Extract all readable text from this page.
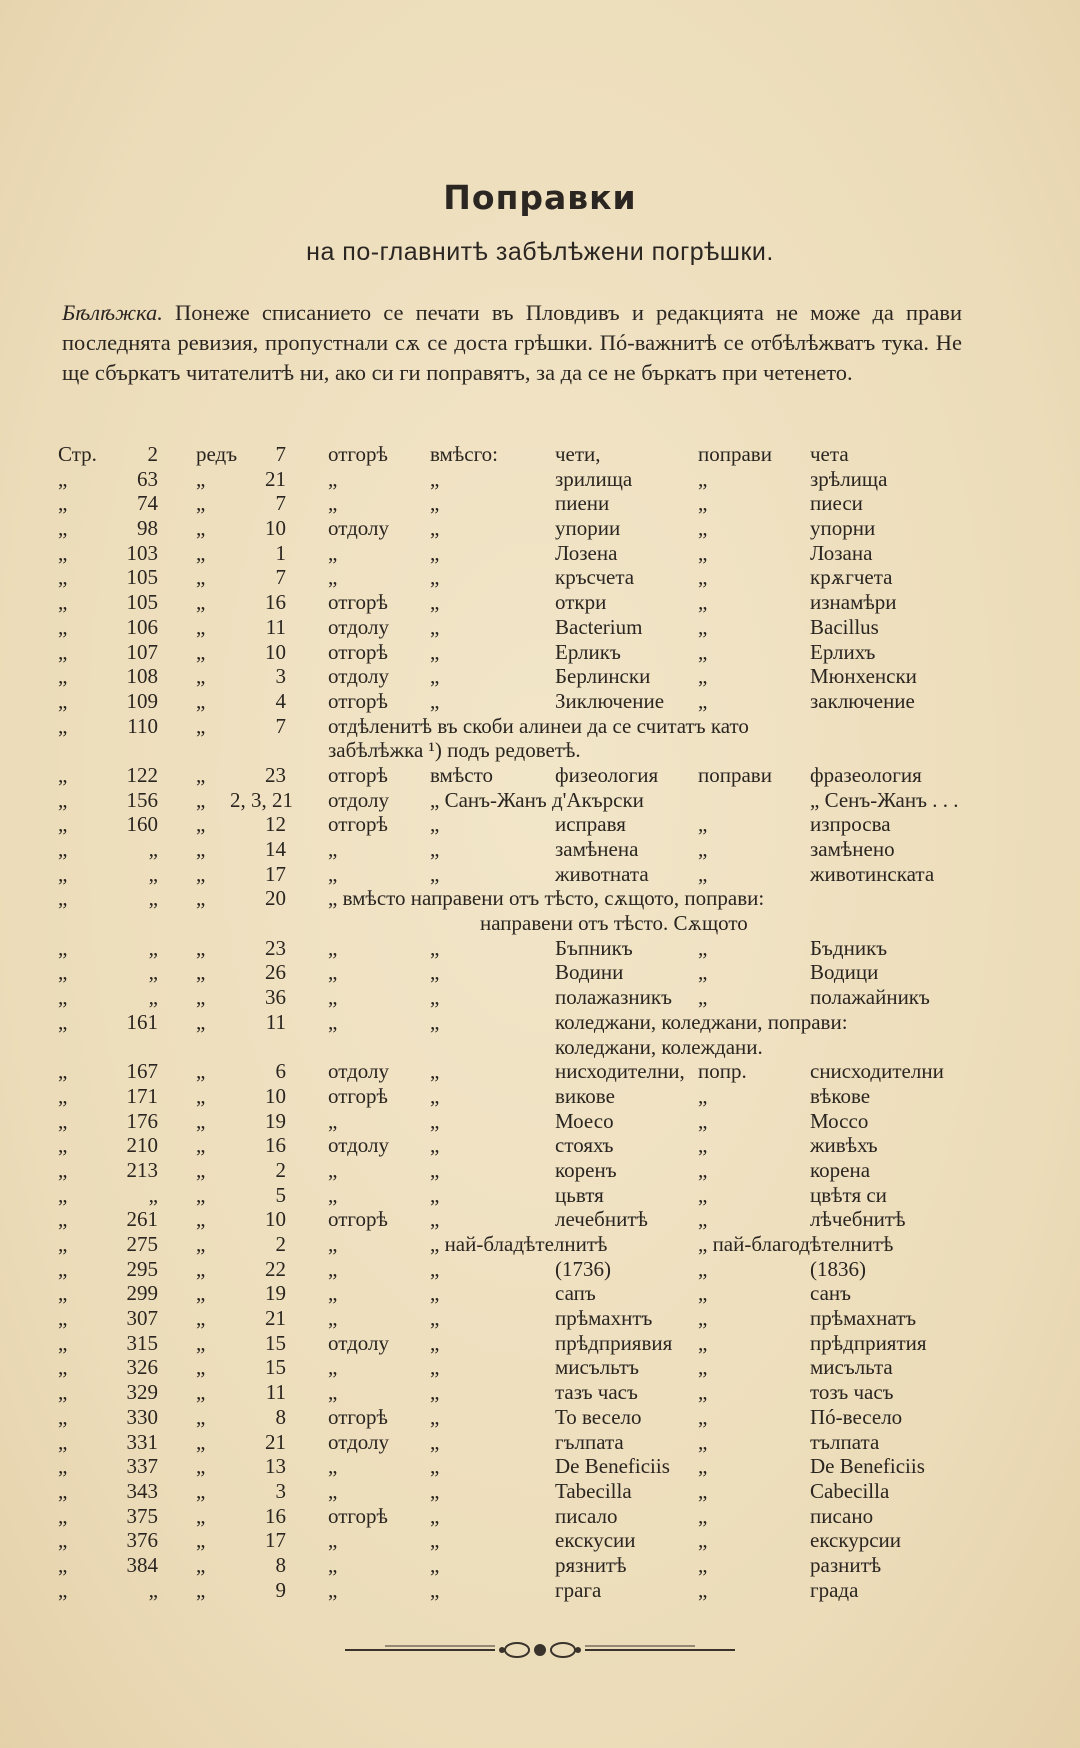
Поправки
на по-главнитѣ забѣлѣжени погрѣшки.
Бѣлѣжка. Понеже списанието се печати въ Пловдивъ и редакцията не може да прави последнята ревизия, пропустнали сѫ се доста грѣшки. Пó-важнитѣ се отбѣлѣжватъ тука. Не ще сбъркатъ читателитѣ ни, ако си ги поправятъ, за да се не бъркатъ при четенето.
Стр.	2 редъ	7 отгорѣ вмѣсго:	чети,	поправи чета
„	63 „	21 „	„	зрилища	„	зрѣлища
„	74 „	7 „	„	пиени	„	пиеси
„	98 „	10 отдолу „	упории	„	упорни
„	103 „	1 „	„	Лозена	„	Лозана
„	105 „	7 „	„	кръсчета	„	крѫгчета
„	105 „	16 отгорѣ „	откри	„	изнамѣри
„	106 „	11 отдолу „	Bacterium	„	Bacillus
„	107 „	10 отгорѣ „	Ерликъ	„	Ерлихъ
„	108 „	3 отдолу „	Берлински „	Мюнхенски
„	109 „	4 отгорѣ „	Зиключение „	заключение
„	110 „	7 отдѣленитѣ въ скоби алинеи да се считатъ като
забѣлѣжка ¹) подъ редоветѣ.
„	122 „	23 отгорѣ вмѣсто	физеология поправи фразеология
„	156 „ 2, 3, 21 отдолу „ Санъ-Жанъ д'Акърски	„ Сенъ-Жанъ . . .
„	160 „	12 отгорѣ „	исправя	„	изпросва
„	„ „	14 „	„	замѣнена	„	замѣнено
„	„ „	17 „	„	животната „	животинската
„	„ „	20 „ вмѣсто направени отъ тѣсто, сѫщото, поправи:
направени отъ тѣсто. Сѫщото
„	„ „	23 „	„	Бъпникъ	„	Бъдникъ
„	„ „	26 „	„	Водини	„	Водици
„	„ „	36 „	„	полажазникъ „	полажайникъ
„	161 „	11 „	„	коледжани, коледжани, поправи:
коледжани, колеждани.
„	167 „	6 отдолу „	нисходителни, попр.	снисходителни
„	171 „	10 отгорѣ „	викове	„	вѣкове
„	176 „	19 „	„	Моесо	„	Моссо
„	210 „	16 отдолу „	стояхъ	„	живѣхъ
„	213 „	2 „	„	коренъ	„	корена
„	„ „	5 „	„	цьвтя	„	цвѣтя си
„	261 „	10 отгорѣ „	лечебнитѣ „	лѣчебнитѣ
„	275 „	2 „	„ най-бладѣтелнитѣ	„ пай-благодѣтелнитѣ
„	295 „	22 „	„	(1736)	„	(1836)
„	299 „	19 „	„	сапъ	„	санъ
„	307 „	21 „	„	прѣмахнтъ „	прѣмахнатъ
„	315 „	15 отдолу „	прѣдприявия „	прѣдприятия
„	326 „	15 „	„	мисъльтъ	„	мисъльта
„	329 „	11 „	„	тазъ часъ	„	тозъ часъ
„	330 „	8 отгорѣ „	То весело	„	Пó-весело
„	331 „	21 отдолу „	гълпата	„	тълпата
„	337 „	13 „	„	De Beneficiis „	De Beneficiis
„	343 „	3 „	„	Tabecilla	„	Cabecilla
„	375 „	16 отгорѣ „	писало	„	писано
„	376 „	17 „	„	екскусии	„	екскурсии
„	384 „	8 „	„	рязнитѣ	„	разнитѣ
„	„ „	9 „	„	грага	„	града
